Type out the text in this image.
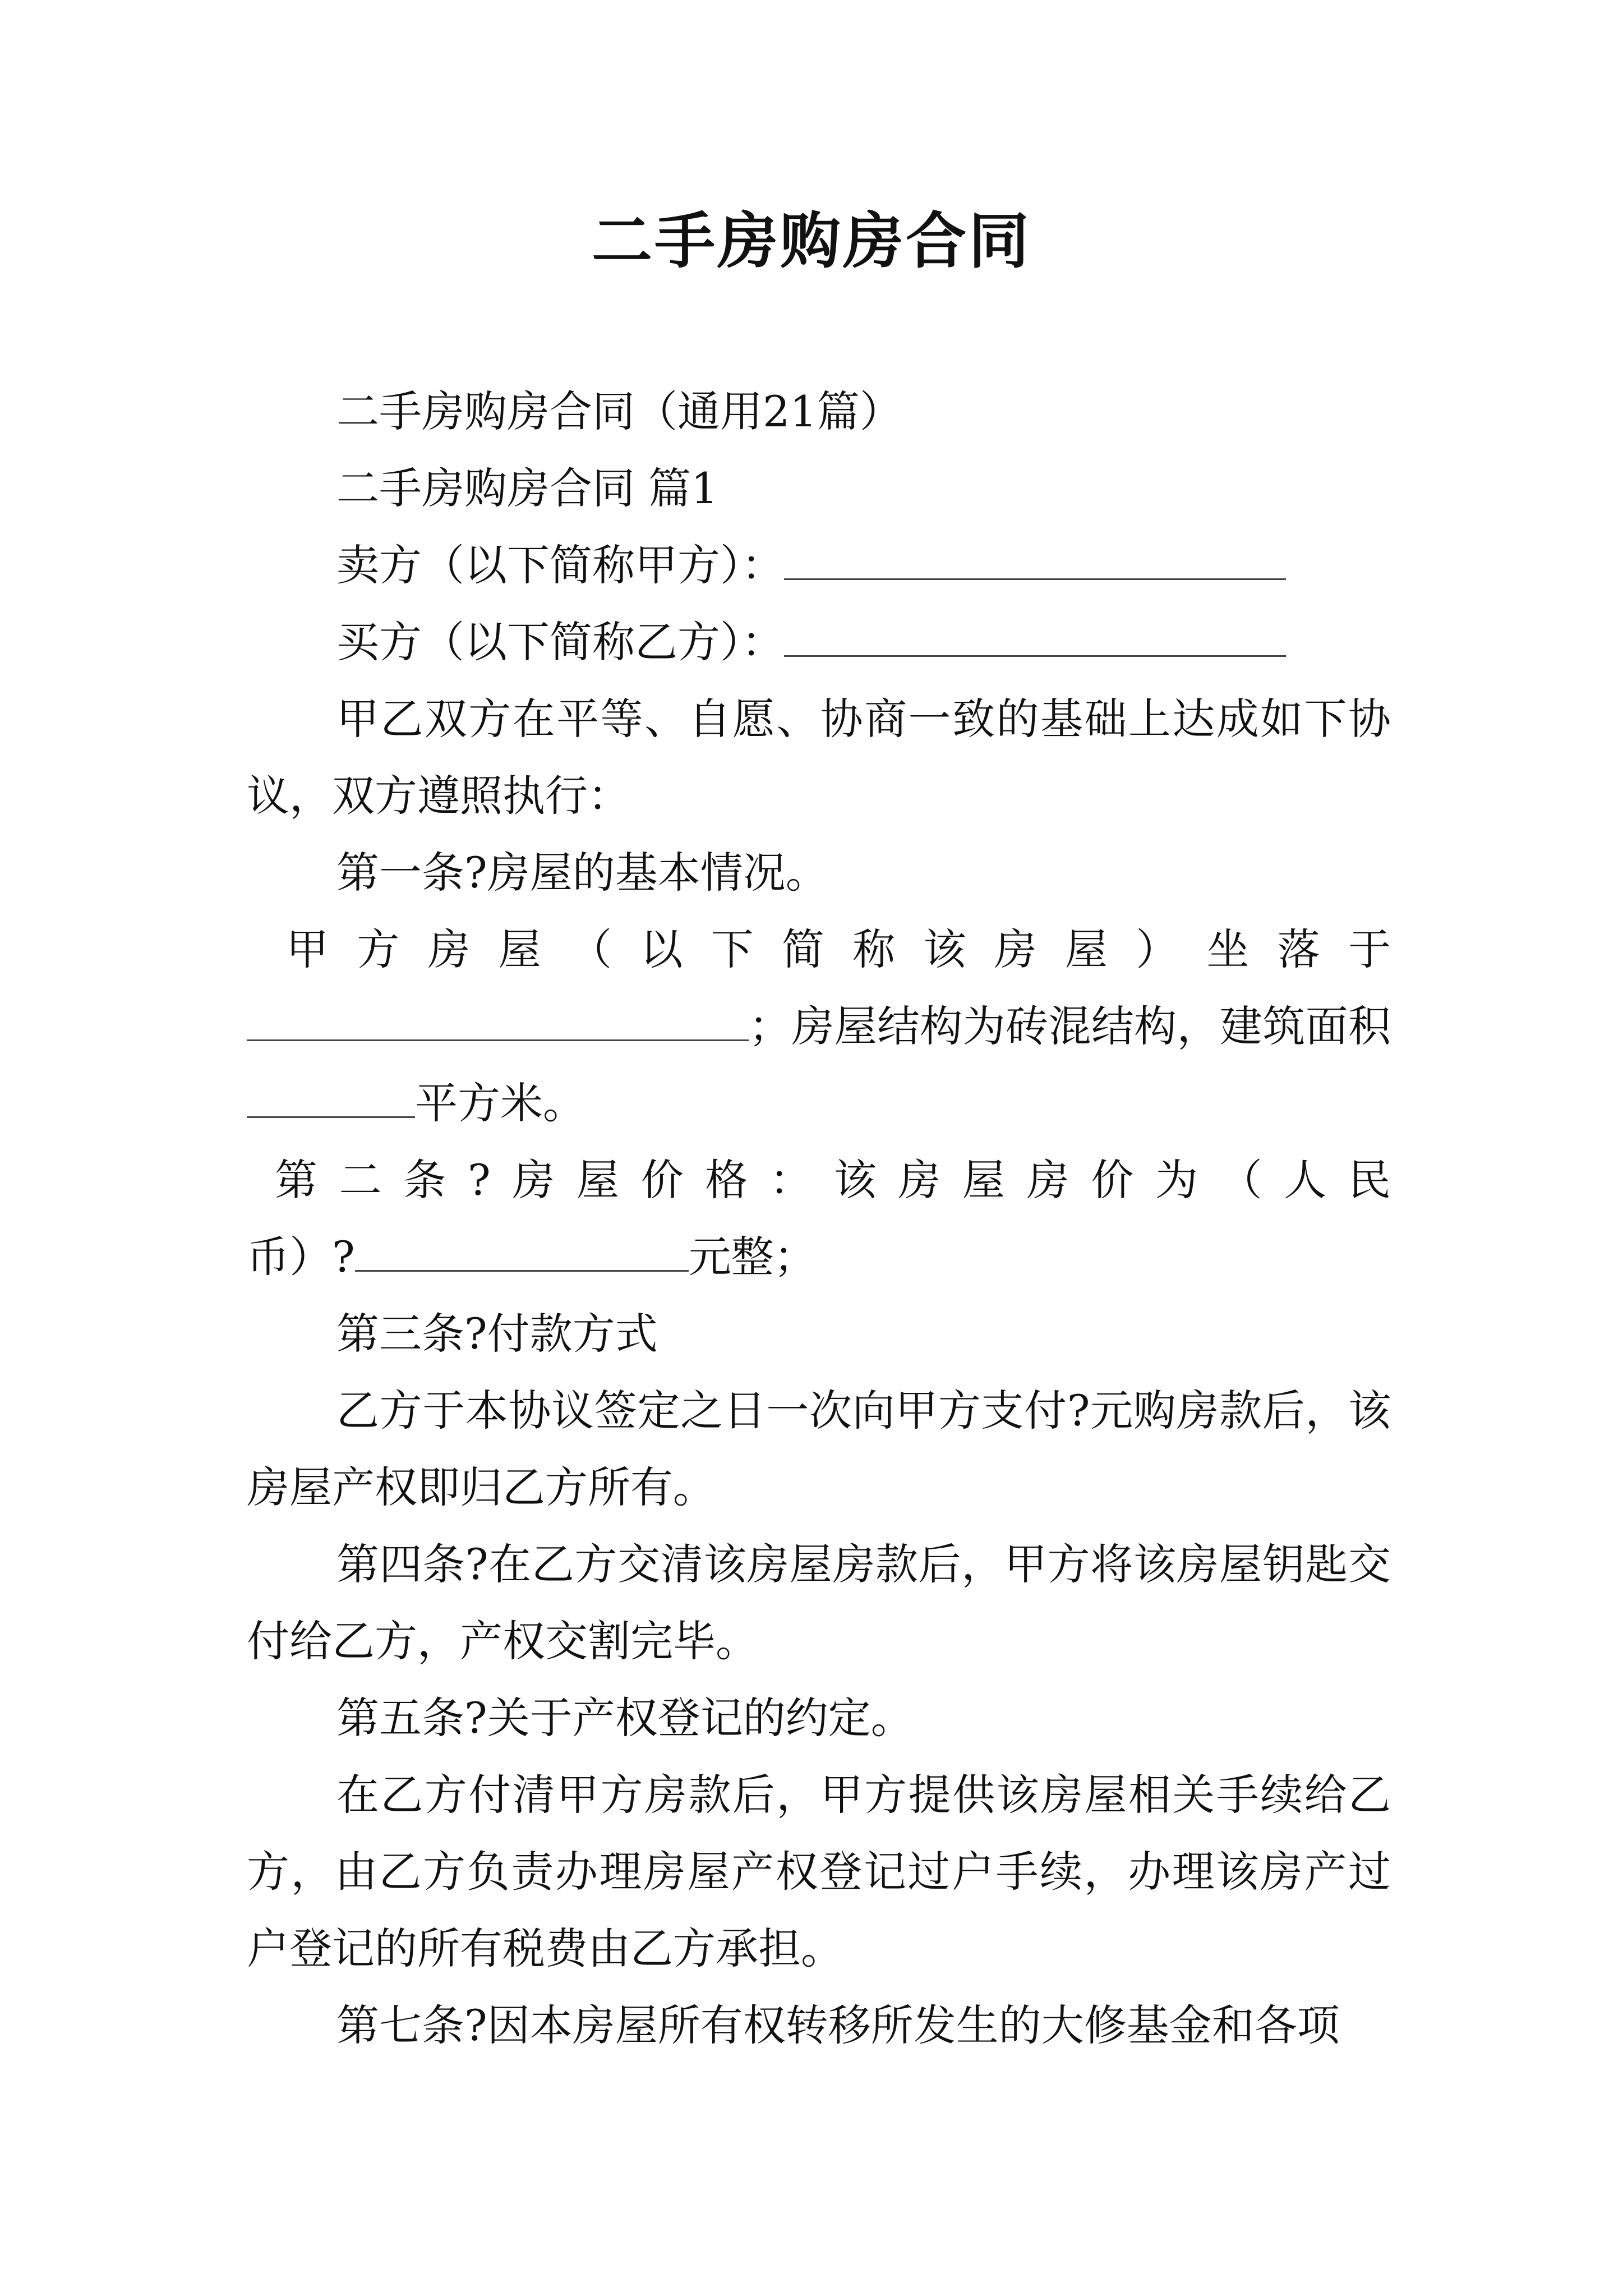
二手房购房合同

二手房购房合同（通用21篇）

二手房购房合同 篇1

卖方（以下简称甲方）：

买方（以下简称乙方）：

甲乙双方在平等、自愿、协商一致的基础上达成如下协议，双方遵照执行：

第一条?房屋的基本情况。

甲方房屋（以下简称该房屋）坐落于

；房屋结构为砖混结构，建筑面积平方米。

第二条?房屋价格：该房屋房价为（人民

币）?	元整；

第三条?付款方式

乙方于本协议签定之日一次向甲方支付?元购房款后，该房屋产权即归乙方所有。

第四条?在乙方交清该房屋房款后，甲方将该房屋钥匙交付给乙方，产权交割完毕。

第五条?关于产权登记的约定。

在乙方付清甲方房款后，甲方提供该房屋相关手续给乙方，由乙方负责办理房屋产权登记过户手续，办理该房产过户登记的所有税费由乙方承担。

第七条?因本房屋所有权转移所发生的大修基金和各项
